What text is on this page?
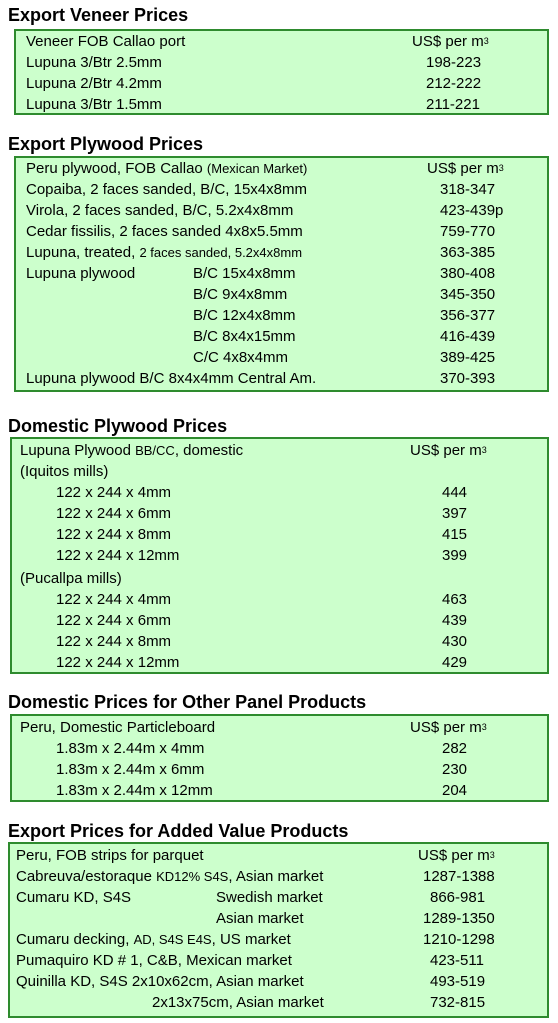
Export Veneer Prices
Veneer FOB Callao port	US$ per m 3
Lupuna 3/Btr 2.5mm	198-223
Lupuna 2/Btr 4.2mm	212-222
Lupuna 3/Btr 1.5mm	211-221
Export Plywood Prices
Peru plywood, FOB Callao (Mexican Market)	US$ per m 3
Copaiba, 2 faces sanded, B/C, 15x4x8mm	318-347
Virola, 2 faces sanded, B/C, 5.2x4x8mm	423-439p
Cedar fissilis, 2 faces sanded 4x8x5.5mm	759-770
Lupuna, treated, 2 faces sanded, 5.2x4x8mm	363-385
Lupuna plywood	B/C 15x4x8mm	380-408
B/C 9x4x8mm	345-350
B/C 12x4x8mm	356-377
B/C 8x4x15mm	416-439
C/C 4x8x4mm	389-425
Lupuna plywood B/C 8x4x4mm Central Am.	370-393
Domestic Plywood Prices
Lupuna Plywood BB/CC, domestic	US$ per m 3
(Iquitos mills)
122 x 244 x 4mm	444
122 x 244 x 6mm	397
122 x 244 x 8mm	415
122 x 244 x 12mm	399
(Pucallpa mills)
122 x 244 x 4mm	463
122 x 244 x 6mm	439
122 x 244 x 8mm	430
122 x 244 x 12mm	429
Domestic Prices for Other Panel Products
Peru, Domestic Particleboard	US$ per m 3
1.83m x 2.44m x 4mm	282
1.83m x 2.44m x 6mm	230
1.83m x 2.44m x 12mm	204
Export Prices for Added Value Products
Peru, FOB strips for parquet	US$ per m 3
Cabreuva/estoraque KD12% S4S, Asian market	1287-1388
Cumaru KD, S4S	Swedish market	866-981
Asian market	1289-1350
Cumaru decking, AD, S4S E4S, US market	1210-1298
Pumaquiro KD # 1, C&B, Mexican market	423-511
Quinilla KD, S4S 2x10x62cm, Asian market	493-519
2x13x75cm, Asian market	732-815
